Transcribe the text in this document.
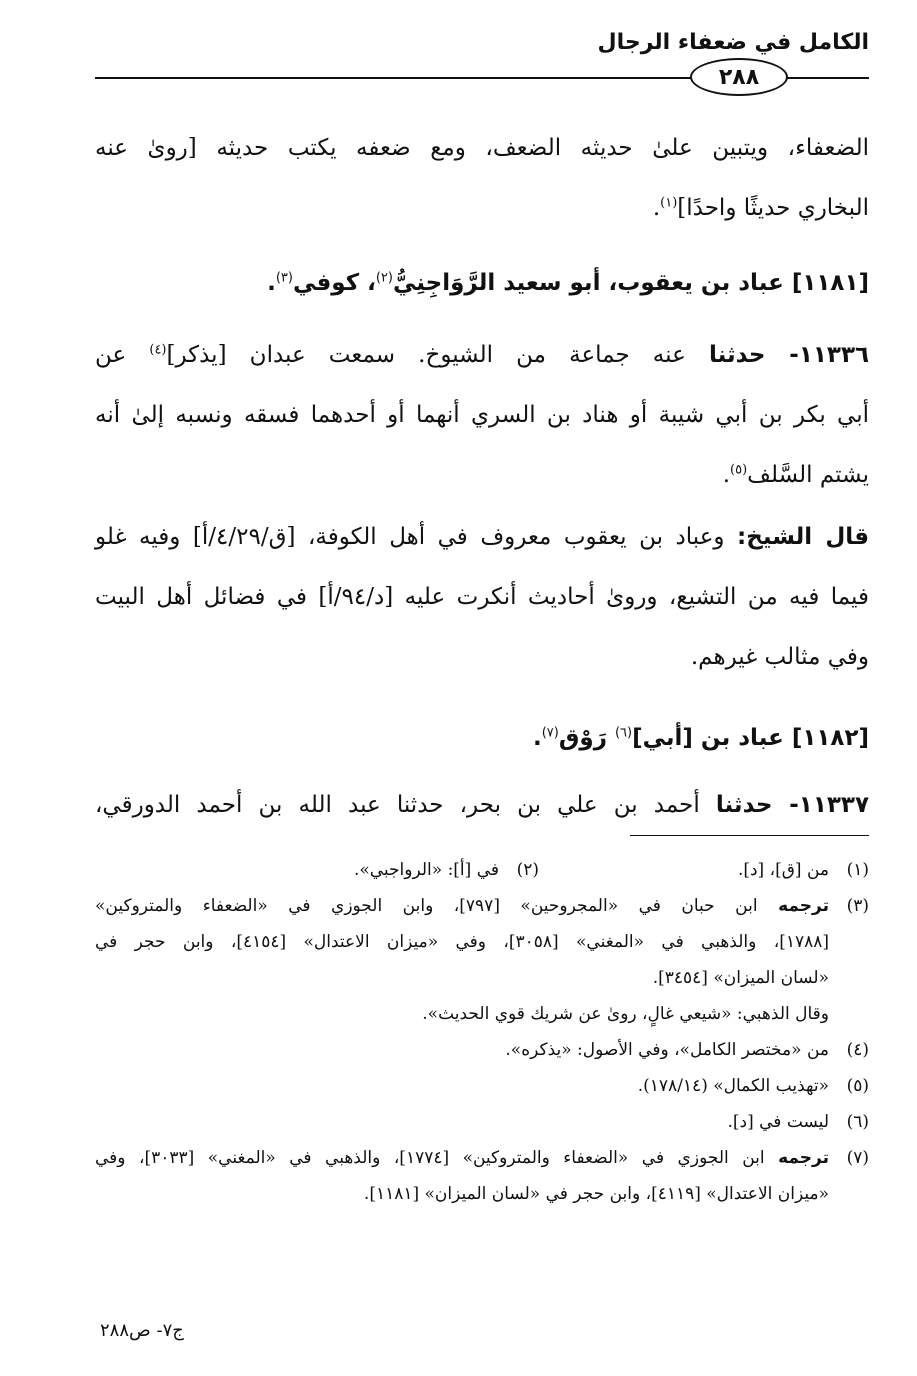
الكامل في ضعفاء الرجال
٢٨٨
الضعفاء، ويتبين علىٰ حديثه الضعف، ومع ضعفه يكتب حديثه [روىٰ عنه
البخاري حديثًا واحدًا]$^{(١)}$.
[١١٨١] عباد بن يعقوب، أبو سعيد الرَّوَاجِنِيُّ$^{(٢)}$، كوفي$^{(٣)}$.
١١٣٣٦- حدثنا عنه جماعة من الشيوخ. سمعت عبدان [يذكر]$^{(٤)}$ عن
أبي بكر بن أبي شيبة أو هناد بن السري أنهما أو أحدهما فسقه ونسبه إلىٰ أنه
يشتم السَّلف$^{(٥)}$.
قال الشيخ: وعباد بن يعقوب معروف في أهل الكوفة، [ق/٤/٢٩/أ] وفيه غلو
فيما فيه من التشيع، وروىٰ أحاديث أنكرت عليه [د/٩٤/أ] في فضائل أهل البيت
وفي مثالب غيرهم.
[١١٨٢] عباد بن [أبي]$^{(٦)}$ رَوْق$^{(٧)}$.
١١٣٣٧- حدثنا أحمد بن علي بن بحر، حدثنا عبد الله بن أحمد الدورقي،
(١)
من [ق]، [د].
(٢)
في [أ]: «الرواجبي».
(٣)
ترجمه ابن حبان في «المجروحين» [٧٩٧]، وابن الجوزي في «الضعفاء والمتروكين»
[١٧٨٨]، والذهبي في «المغني» [٣٠٥٨]، وفي «ميزان الاعتدال» [٤١٥٤]، وابن حجر في
«لسان الميزان» [٣٤٥٤].
وقال الذهبي: «شيعي غالٍ، روىٰ عن شريك قوي الحديث».
(٤)
من «مختصر الكامل»، وفي الأصول: «يذكره».
(٥)
«تهذيب الكمال» (١٧٨/١٤).
(٦)
ليست في [د].
(٧)
ترجمه ابن الجوزي في «الضعفاء والمتروكين» [١٧٧٤]، والذهبي في «المغني» [٣٠٣٣]، وفي
«ميزان الاعتدال» [٤١١٩]، وابن حجر في «لسان الميزان» [١١٨١].
ج٧- ص٢٨٨
